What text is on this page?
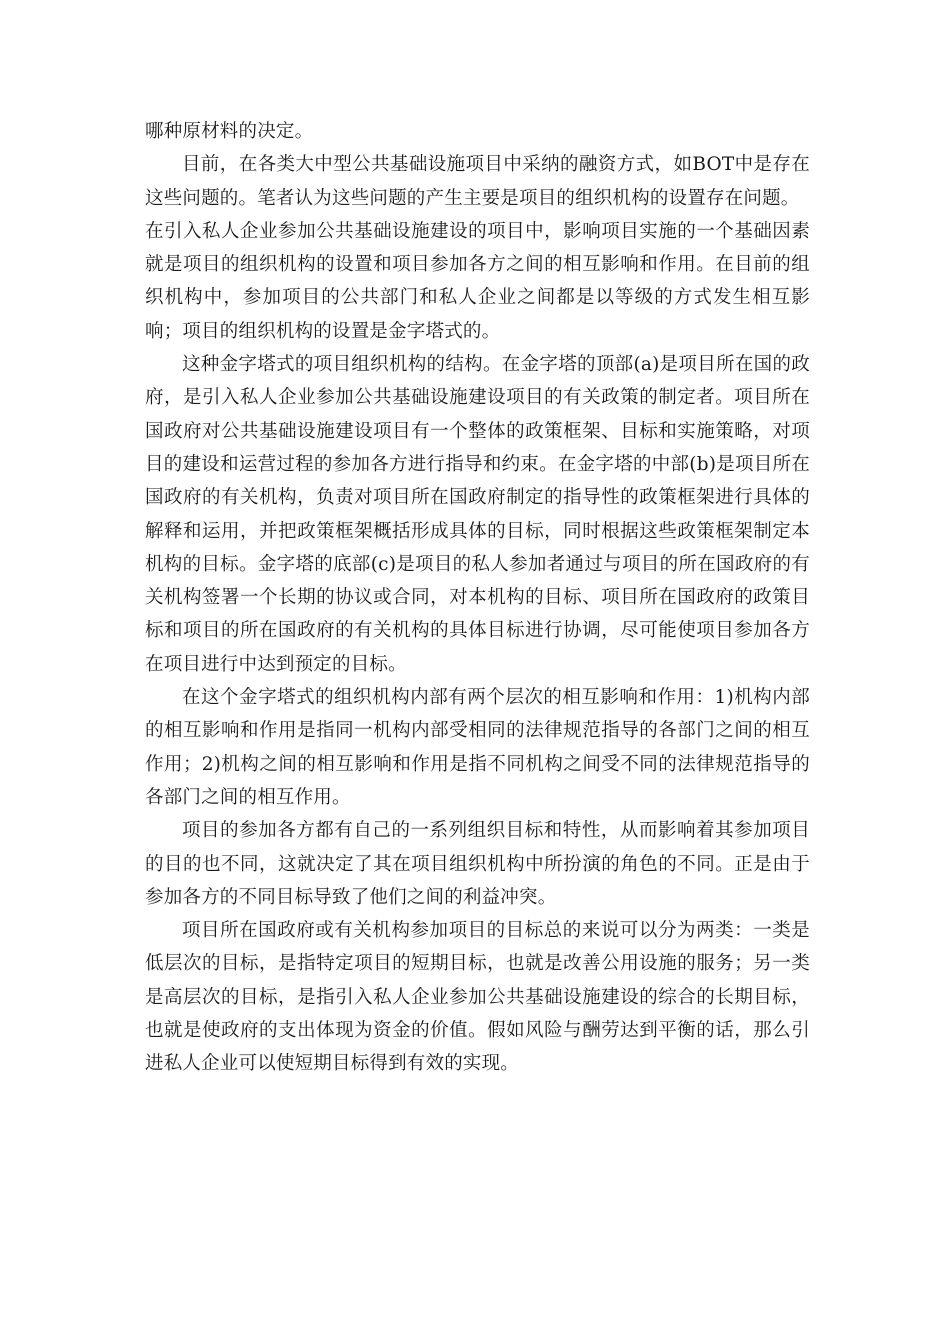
哪种原材料的决定。

目前，在各类大中型公共基础设施项目中采纳的融资方式，如BOT中是存在这些问题的。笔者认为这些问题的产生主要是项目的组织机构的设置存在问题。

在引入私人企业参加公共基础设施建设的项目中，影响项目实施的一个基础因素就是项目的组织机构的设置和项目参加各方之间的相互影响和作用。在目前的组织机构中，参加项目的公共部门和私人企业之间都是以等级的方式发生相互影响；项目的组织机构的设置是金字塔式的。

这种金字塔式的项目组织机构的结构。在金字塔的顶部(a)是项目所在国的政府，是引入私人企业参加公共基础设施建设项目的有关政策的制定者。项目所在国政府对公共基础设施建设项目有一个整体的政策框架、目标和实施策略，对项目的建设和运营过程的参加各方进行指导和约束。在金字塔的中部(b)是项目所在国政府的有关机构，负责对项目所在国政府制定的指导性的政策框架进行具体的解释和运用，并把政策框架概括形成具体的目标，同时根据这些政策框架制定本机构的目标。金字塔的底部(c)是项目的私人参加者通过与项目的所在国政府的有关机构签署一个长期的协议或合同，对本机构的目标、项目所在国政府的政策目标和项目的所在国政府的有关机构的具体目标进行协调，尽可能使项目参加各方在项目进行中达到预定的目标。

在这个金字塔式的组织机构内部有两个层次的相互影响和作用：1)机构内部的相互影响和作用是指同一机构内部受相同的法律规范指导的各部门之间的相互作用；2)机构之间的相互影响和作用是指不同机构之间受不同的法律规范指导的各部门之间的相互作用。

项目的参加各方都有自己的一系列组织目标和特性，从而影响着其参加项目的目的也不同，这就决定了其在项目组织机构中所扮演的角色的不同。正是由于参加各方的不同目标导致了他们之间的利益冲突。

项目所在国政府或有关机构参加项目的目标总的来说可以分为两类：一类是低层次的目标，是指特定项目的短期目标，也就是改善公用设施的服务；另一类是高层次的目标，是指引入私人企业参加公共基础设施建设的综合的长期目标，也就是使政府的支出体现为资金的价值。假如风险与酬劳达到平衡的话，那么引进私人企业可以使短期目标得到有效的实现。
